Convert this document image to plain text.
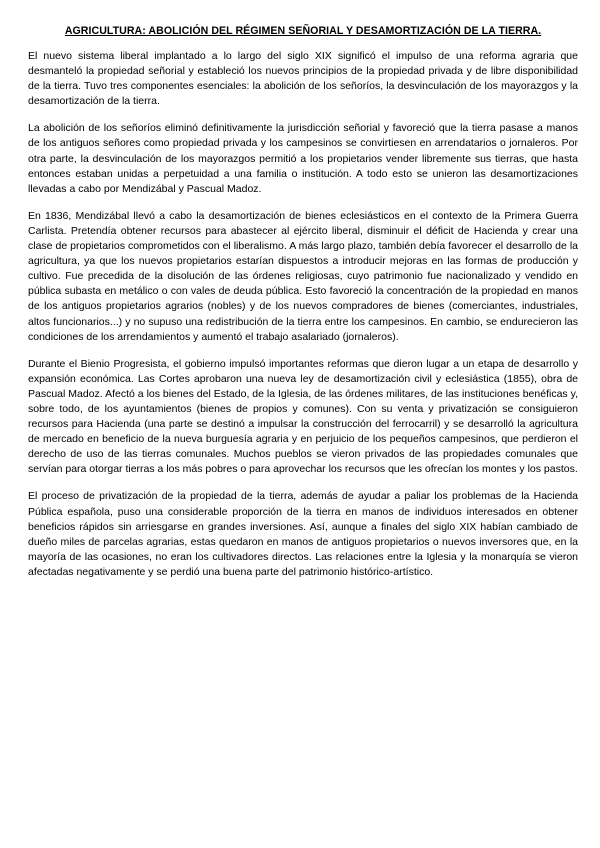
AGRICULTURA: ABOLICIÓN DEL RÉGIMEN SEÑORIAL Y DESAMORTIZACIÓN DE LA TIERRA.

El nuevo sistema liberal implantado a lo largo del siglo XIX significó el impulso de una reforma agraria que desmanteló la propiedad señorial y estableció los nuevos principios de la propiedad privada y de libre disponibilidad de la tierra. Tuvo tres componentes esenciales: la abolición de los señoríos, la desvinculación de los mayorazgos y la desamortización de la tierra.

La abolición de los señoríos eliminó definitivamente la jurisdicción señorial y favoreció que la tierra pasase a manos de los antiguos señores como propiedad privada y los campesinos se convirtiesen en arrendatarios o jornaleros. Por otra parte, la desvinculación de los mayorazgos permitió a los propietarios vender libremente sus tierras, que hasta entonces estaban unidas a perpetuidad a una familia o institución. A todo esto se unieron las desamortizaciones llevadas a cabo por Mendizábal y Pascual Madoz.

En 1836, Mendizábal llevó a cabo la desamortización de bienes eclesiásticos en el contexto de la Primera Guerra Carlista. Pretendía obtener recursos para abastecer al ejército liberal, disminuir el déficit de Hacienda y crear una clase de propietarios comprometidos con el liberalismo. A más largo plazo, también debía favorecer el desarrollo de la agricultura, ya que los nuevos propietarios estarían dispuestos a introducir mejoras en las formas de producción y cultivo. Fue precedida de la disolución de las órdenes religiosas, cuyo patrimonio fue nacionalizado y vendido en pública subasta en metálico o con vales de deuda pública. Esto favoreció la concentración de la propiedad en manos de los antiguos propietarios agrarios (nobles) y de los nuevos compradores de bienes (comerciantes, industriales, altos funcionarios...) y no supuso una redistribución de la tierra entre los campesinos. En cambio, se endurecieron las condiciones de los arrendamientos y aumentó el trabajo asalariado (jornaleros).

Durante el Bienio Progresista, el gobierno impulsó importantes reformas que dieron lugar a un etapa de desarrollo y expansión económica. Las Cortes aprobaron una nueva ley de desamortización civil y eclesiástica (1855), obra de Pascual Madoz. Afectó a los bienes del Estado, de la Iglesia, de las órdenes militares, de las instituciones benéficas y, sobre todo, de los ayuntamientos (bienes de propios y comunes). Con su venta y privatización se consiguieron recursos para Hacienda (una parte se destinó a impulsar la construcción del ferrocarril) y se desarrolló la agricultura de mercado en beneficio de la nueva burguesía agraria y en perjuicio de los pequeños campesinos, que perdieron el derecho de uso de las tierras comunales. Muchos pueblos se vieron privados de las propiedades comunales que servían para otorgar tierras a los más pobres o para aprovechar los recursos que les ofrecían los montes y los pastos.

El proceso de privatización de la propiedad de la tierra, además de ayudar a paliar los problemas de la Hacienda Pública española, puso una considerable proporción de la tierra en manos de individuos interesados en obtener beneficios rápidos sin arriesgarse en grandes inversiones. Así, aunque a finales del siglo XIX habían cambiado de dueño miles de parcelas agrarias, estas quedaron en manos de antiguos propietarios o nuevos inversores que, en la mayoría de las ocasiones, no eran los cultivadores directos. Las relaciones entre la Iglesia y la monarquía se vieron afectadas negativamente y se perdió una buena parte del patrimonio histórico-artístico.
